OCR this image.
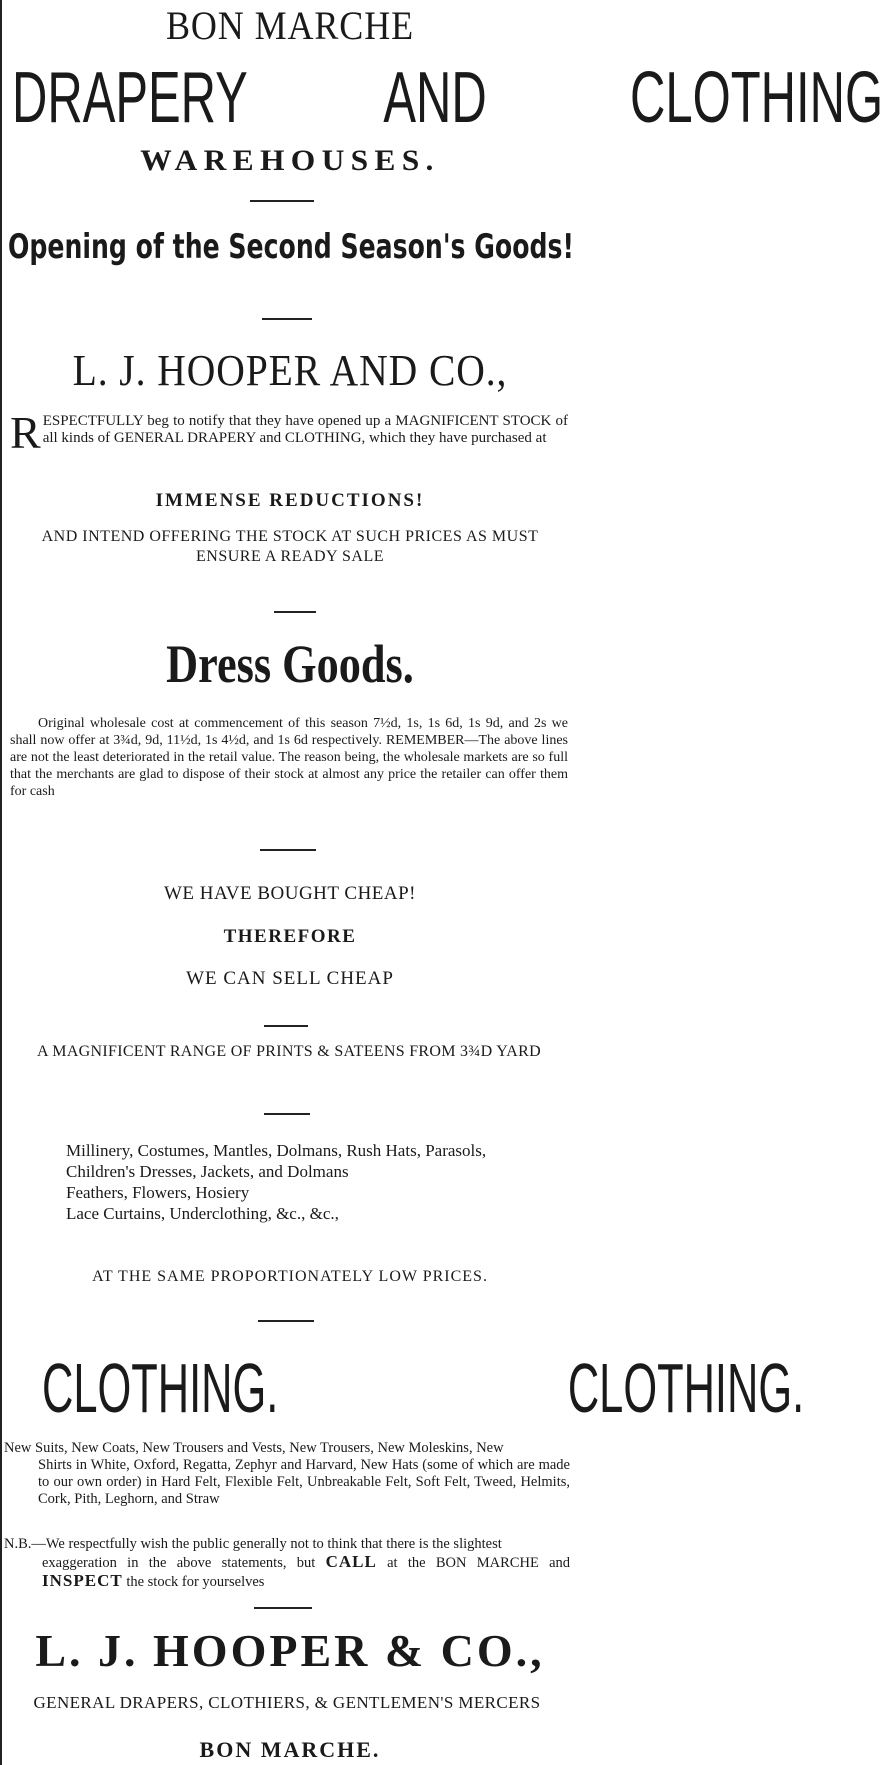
BON MARCHE
DRAPERY AND CLOTHING
WAREHOUSES.
Opening of the Second Season's Goods!
L. J. HOOPER AND CO.,
RESPECTFULLY beg to notify that they have opened up a MAGNIFICENT STOCK of all kinds of GENERAL DRAPERY and CLOTHING, which they have purchased at
IMMENSE REDUCTIONS!
AND INTEND OFFERING THE STOCK AT SUCH PRICES AS MUST
ENSURE A READY SALE
Dress Goods.
Original wholesale cost at commencement of this season 7½d, 1s, 1s 6d, 1s 9d, and 2s we shall now offer at 3¾d, 9d, 11½d, 1s 4½d, and 1s 6d respectively. REMEMBER—The above lines are not the least deteriorated in the retail value. The reason being, the wholesale markets are so full that the merchants are glad to dispose of their stock at almost any price the retailer can offer them for cash
WE HAVE BOUGHT CHEAP!
THEREFORE
WE CAN SELL CHEAP
A MAGNIFICENT RANGE OF PRINTS & SATEENS FROM 3¾D YARD
Millinery, Costumes, Mantles, Dolmans, Rush Hats, Parasols,
Children's Dresses, Jackets, and Dolmans
Feathers, Flowers, Hosiery
Lace Curtains, Underclothing, &c., &c.,
AT THE SAME PROPORTIONATELY LOW PRICES.
CLOTHING.	CLOTHING.
New Suits, New Coats, New Trousers and Vests, New Trousers, New Moleskins, New
Shirts in White, Oxford, Regatta, Zephyr and Harvard, New Hats (some of which are made to our own order) in Hard Felt, Flexible Felt, Unbreakable Felt, Soft Felt, Tweed, Helmits, Cork, Pith, Leghorn, and Straw
N.B.—We respectfully wish the public generally not to think that there is the slightest
exaggeration in the above statements, but CALL at the BON MARCHE and INSPECT the stock for yourselves
L. J. HOOPER & CO.,
GENERAL DRAPERS, CLOTHIERS, & GENTLEMEN'S MERCERS
BON MARCHE.
